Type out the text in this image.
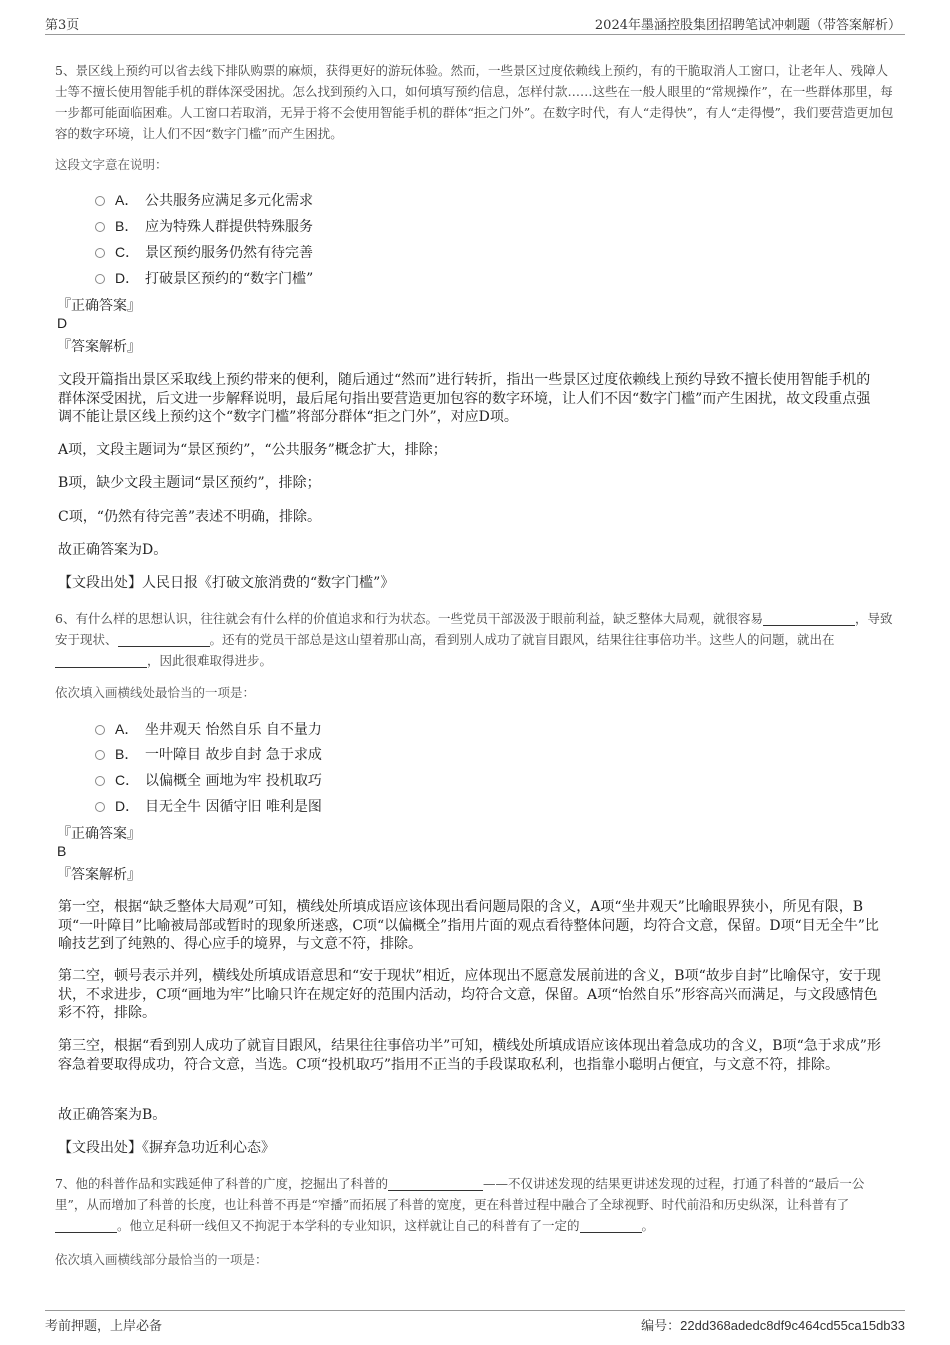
第3页	2024年墨涵控股集团招聘笔试冲刺题（带答案解析）

5、景区线上预约可以省去线下排队购票的麻烦，获得更好的游玩体验。然而，一些景区过度依赖线上预约，有的干脆取消人工窗口，让老年人、残障人士等不擅长使用智能手机的群体深受困扰。怎么找到预约入口，如何填写预约信息，怎样付款……这些在一般人眼里的“常规操作”，在一些群体那里，每一步都可能面临困难。人工窗口若取消，无异于将不会使用智能手机的群体“拒之门外”。在数字时代，有人“走得快”，有人“走得慢”，我们要营造更加包容的数字环境，让人们不因“数字门槛”而产生困扰。

这段文字意在说明：

A． 公共服务应满足多元化需求
B． 应为特殊人群提供特殊服务
C． 景区预约服务仍然有待完善
D． 打破景区预约的“数字门槛”
『正确答案』
D
『答案解析』

文段开篇指出景区采取线上预约带来的便利，随后通过“然而”进行转折，指出一些景区过度依赖线上预约导致不擅长使用智能手机的群体深受困扰，后文进一步解释说明，最后尾句指出要营造更加包容的数字环境，让人们不因“数字门槛”而产生困扰，故文段重点强调不能让景区线上预约这个“数字门槛”将部分群体“拒之门外”，对应D项。

A项，文段主题词为“景区预约”，“公共服务”概念扩大，排除；

B项，缺少文段主题词“景区预约”，排除；

C项，“仍然有待完善”表述不明确，排除。

故正确答案为D。

【文段出处】人民日报《打破文旅消费的“数字门槛”》

6、有什么样的思想认识，往往就会有什么样的价值追求和行为状态。一些党员干部汲汲于眼前利益，缺乏整体大局观，就很容易	，导致安于现状、	。还有的党员干部总是这山望着那山高，看到别人成功了就盲目跟风，结果往往事倍功半。这些人的问题，就出在，因此很难取得进步。

依次填入画横线处最恰当的一项是：

A． 坐井观天 怡然自乐 自不量力
B． 一叶障目 故步自封 急于求成
C． 以偏概全 画地为牢 投机取巧
D． 目无全牛 因循守旧 唯利是图
『正确答案』
B
『答案解析』

第一空，根据“缺乏整体大局观”可知，横线处所填成语应该体现出看问题局限的含义，A项“坐井观天”比喻眼界狭小，所见有限，B项“一叶障目”比喻被局部或暂时的现象所迷惑，C项“以偏概全”指用片面的观点看待整体问题，均符合文意，保留。D项“目无全牛”比喻技艺到了纯熟的、得心应手的境界，与文意不符，排除。

第二空，顿号表示并列，横线处所填成语意思和“安于现状”相近，应体现出不愿意发展前进的含义，B项“故步自封”比喻保守，安于现状，不求进步，C项“画地为牢”比喻只许在规定好的范围内活动，均符合文意，保留。A项“怡然自乐”形容高兴而满足，与文段感情色彩不符，排除。

第三空，根据“看到别人成功了就盲目跟风，结果往往事倍功半”可知，横线处所填成语应该体现出着急成功的含义，B项“急于求成”形容急着要取得成功，符合文意，当选。C项“投机取巧”指用不正当的手段谋取私利，也指靠小聪明占便宜，与文意不符，排除。

故正确答案为B。

【文段出处】《摒弃急功近利心态》

7、他的科普作品和实践延伸了科普的广度，挖掘出了科普的	——不仅讲述发现的结果更讲述发现的过程，打通了科普的“最后一公里”，从而增加了科普的长度，也让科普不再是“窄播”而拓展了科普的宽度，更在科普过程中融合了全球视野、时代前沿和历史纵深，让科普有了。他立足科研一线但又不拘泥于本学科的专业知识，这样就让自己的科普有了一定的	。

依次填入画横线部分最恰当的一项是：

考前押题，上岸必备	编号：22dd368adedc8df9c464cd55ca15db33
